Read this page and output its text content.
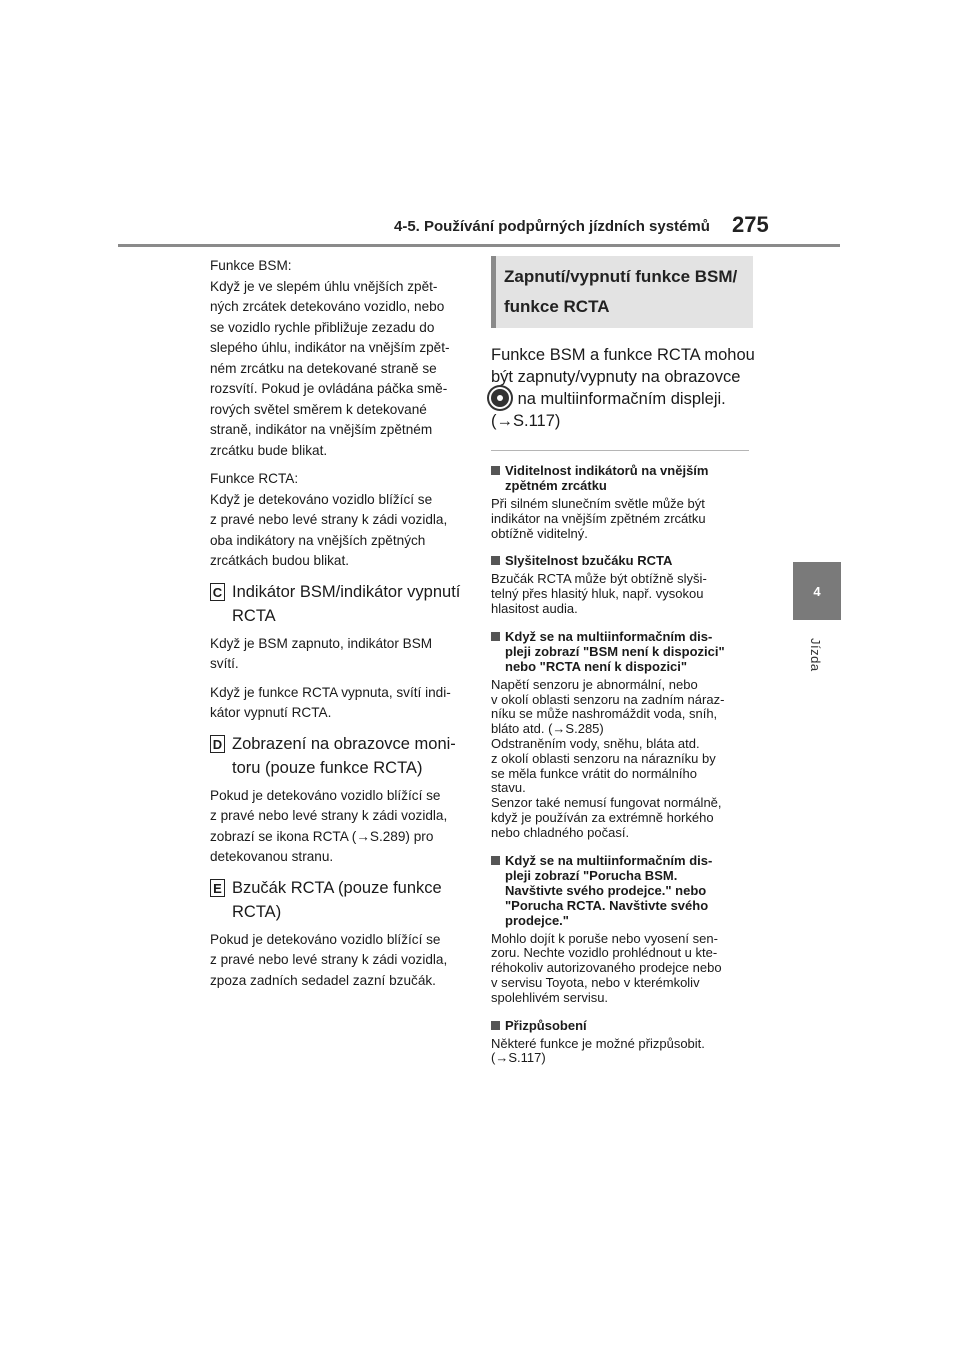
4-5. Používání podpůrných jízdních systémů 275
4
Jízda

Funkce BSM:
Když je ve slepém úhlu vnějších zpět-
ných zrcátek detekováno vozidlo, nebo
se vozidlo rychle přibližuje zezadu do
slepého úhlu, indikátor na vnějším zpět-
ném zrcátku na detekované straně se
rozsvítí. Pokud je ovládána páčka smě-
rových světel směrem k detekované
straně, indikátor na vnějším zpětném
zrcátku bude blikat.

Funkce RCTA:
Když je detekováno vozidlo blížící se
z pravé nebo levé strany k zádi vozidla,
oba indikátory na vnějších zpětných
zrcátkách budou blikat.

C Indikátor BSM/indikátor vypnutí
RCTA

Když je BSM zapnuto, indikátor BSM
svítí.

Když je funkce RCTA vypnuta, svítí indi-
kátor vypnutí RCTA.

D Zobrazení na obrazovce moni-
toru (pouze funkce RCTA)

Pokud je detekováno vozidlo blížící se
z pravé nebo levé strany k zádi vozidla,
zobrazí se ikona RCTA (→S.289) pro
detekovanou stranu.

E Bzučák RCTA (pouze funkce
RCTA)

Pokud je detekováno vozidlo blížící se
z pravé nebo levé strany k zádi vozidla,
zpoza zadních sedadel zazní bzučák.

Zapnutí/vypnutí funkce BSM/
funkce RCTA
Funkce BSM a funkce RCTA mohou
být zapnuty/vypnuty na obrazovce
na multiinformačním displeji.
(→S.117)
Viditelnost indikátorů na vnějším
zpětném zrcátku
Při silném slunečním světle může být
indikátor na vnějším zpětném zrcátku
obtížně viditelný.
Slyšitelnost bzučáku RCTA
Bzučák RCTA může být obtížně slyši-
telný přes hlasitý hluk, např. vysokou
hlasitost audia.
Když se na multiinformačním dis-
pleji zobrazí "BSM není k dispozici"
nebo "RCTA není k dispozici"
Napětí senzoru je abnormální, nebo
v okolí oblasti senzoru na zadním náraz-
níku se může nashromáždit voda, sníh,
bláto atd. (→S.285)
Odstraněním vody, sněhu, bláta atd.
z okolí oblasti senzoru na nárazníku by
se měla funkce vrátit do normálního
stavu.
Senzor také nemusí fungovat normálně,
když je používán za extrémně horkého
nebo chladného počasí.
Když se na multiinformačním dis-
pleji zobrazí "Porucha BSM.
Navštivte svého prodejce." nebo
"Porucha RCTA. Navštivte svého
prodejce."
Mohlo dojít k poruše nebo vyosení sen-
zoru. Nechte vozidlo prohlédnout u kte-
réhokoliv autorizovaného prodejce nebo
v servisu Toyota, nebo v kterémkoliv
spolehlivém servisu.
Přizpůsobení
Některé funkce je možné přizpůsobit.
(→S.117)
